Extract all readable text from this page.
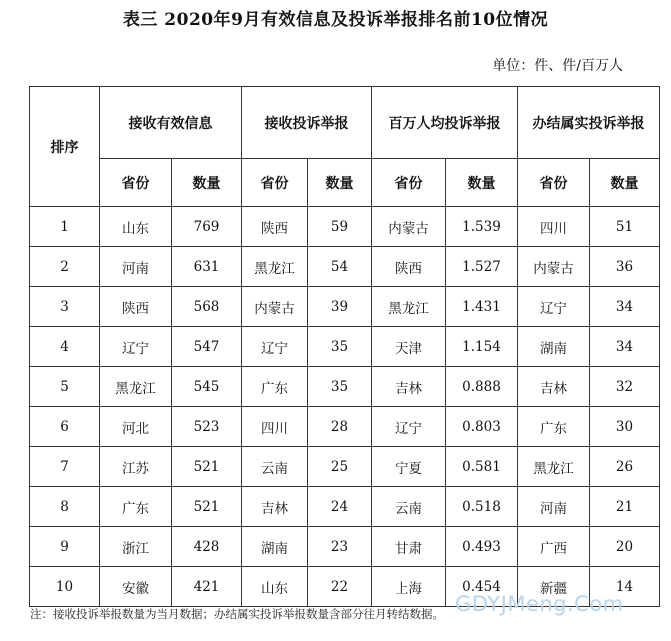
表三 2020年9月有效信息及投诉举报排名前10位情况
单位：件、件/百万人
排序	接收有效信息		接收投诉举报		百万人均投诉举报		办结属实投诉举报	
	省份	数量	省份	数量	省份	数量	省份	数量
1	山东	769	陕西	59	内蒙古	1.539	四川	51
2	河南	631	黑龙江	54	陕西	1.527	内蒙古	36
3	陕西	568	内蒙古	39	黑龙江	1.431	辽宁	34
4	辽宁	547	辽宁	35	天津	1.154	湖南	34
5	黑龙江	545	广东	35	吉林	0.888	吉林	32
6	河北	523	四川	28	辽宁	0.803	广东	30
7	江苏	521	云南	25	宁夏	0.581	黑龙江	26
8	广东	521	吉林	24	云南	0.518	河南	21
9	浙江	428	湖南	23	甘肃	0.493	广西	20
10	安徽	421	山东	22	上海	0.454	新疆	14
注：接收投诉举报数量为当月数据；办结属实投诉举报数量含部分往月转结数据。 GDYJMeng.Com
